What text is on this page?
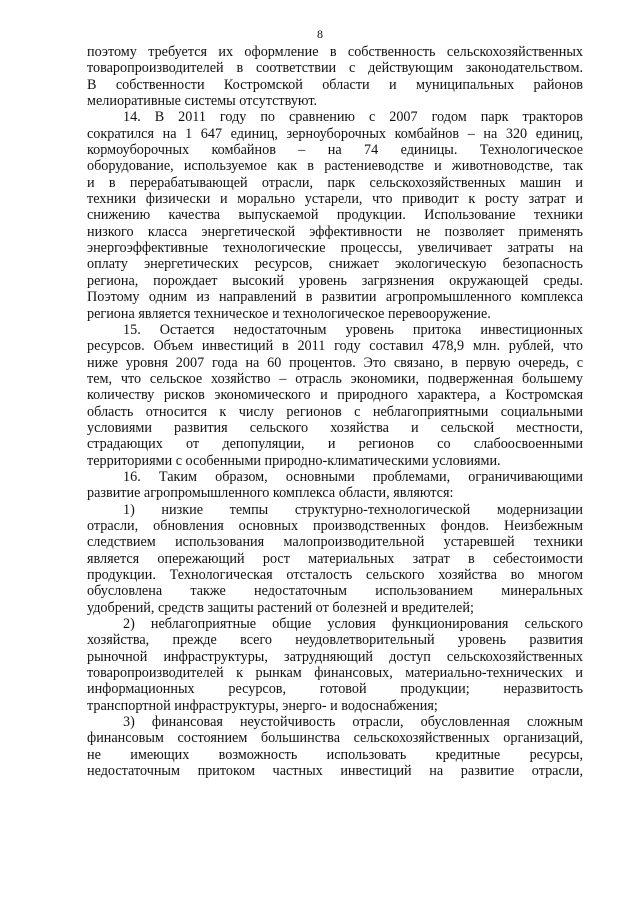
8
поэтому требуется их оформление в собственность сельскохозяйственных
товаропроизводителей в соответствии с действующим законодательством.
В собственности Костромской области и муниципальных районов
мелиоративные системы отсутствуют.
14. В 2011 году по сравнению с 2007 годом парк тракторов
сократился на 1 647 единиц, зерноуборочных комбайнов – на 320 единиц,
кормоуборочных комбайнов – на 74 единицы. Технологическое
оборудование, используемое как в растениеводстве и животноводстве, так
и в перерабатывающей отрасли, парк сельскохозяйственных машин и
техники физически и морально устарели, что приводит к росту затрат и
снижению качества выпускаемой продукции. Использование техники
низкого класса энергетической эффективности не позволяет применять
энергоэффективные технологические процессы, увеличивает затраты на
оплату энергетических ресурсов, снижает экологическую безопасность
региона, порождает высокий уровень загрязнения окружающей среды.
Поэтому одним из направлений в развитии агропромышленного комплекса
региона является техническое и технологическое перевооружение.
15. Остается недостаточным уровень притока инвестиционных
ресурсов. Объем инвестиций в 2011 году составил 478,9 млн. рублей, что
ниже уровня 2007 года на 60 процентов. Это связано, в первую очередь, с
тем, что сельское хозяйство – отрасль экономики, подверженная большему
количеству рисков экономического и природного характера, а Костромская
область относится к числу регионов с неблагоприятными социальными
условиями развития сельского хозяйства и сельской местности,
страдающих от депопуляции, и регионов со слабоосвоенными
территориями с особенными природно-климатическими условиями.
16. Таким образом, основными проблемами, ограничивающими
развитие агропромышленного комплекса области, являются:
1) низкие темпы структурно-технологической модернизации
отрасли, обновления основных производственных фондов. Неизбежным
следствием использования малопроизводительной устаревшей техники
является опережающий рост материальных затрат в себестоимости
продукции. Технологическая отсталость сельского хозяйства во многом
обусловлена также недостаточным использованием минеральных
удобрений, средств защиты растений от болезней и вредителей;
2) неблагоприятные общие условия функционирования сельского
хозяйства, прежде всего неудовлетворительный уровень развития
рыночной инфраструктуры, затрудняющий доступ сельскохозяйственных
товаропроизводителей к рынкам финансовых, материально-технических и
информационных ресурсов, готовой продукции; неразвитость
транспортной инфраструктуры, энерго- и водоснабжения;
3) финансовая неустойчивость отрасли, обусловленная сложным
финансовым состоянием большинства сельскохозяйственных организаций,
не имеющих возможность использовать кредитные ресурсы,
недостаточным притоком частных инвестиций на развитие отрасли,
